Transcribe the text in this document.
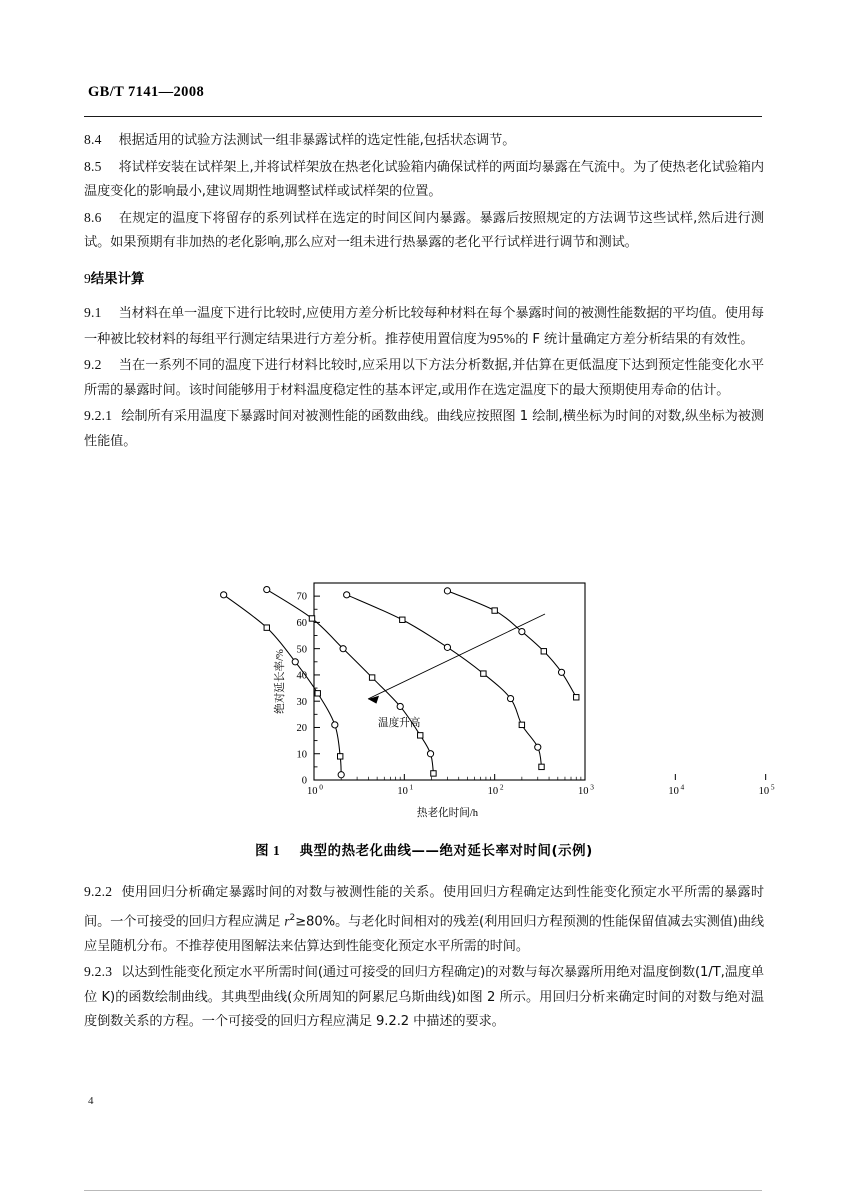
GB/T 7141—2008

8.4 根据适用的试验方法测试一组非暴露试样的选定性能,包括状态调节。

8.5 将试样安装在试样架上,并将试样架放在热老化试验箱内确保试样的两面均暴露在气流中。为了使热老化试验箱内温度变化的影响最小,建议周期性地调整试样或试样架的位置。

8.6 在规定的温度下将留存的系列试样在选定的时间区间内暴露。暴露后按照规定的方法调节这些试样,然后进行测试。如果预期有非加热的老化影响,那么应对一组未进行热暴露的老化平行试样进行调节和测试。

9结果计算

9.1 当材料在单一温度下进行比较时,应使用方差分析比较每种材料在每个暴露时间的被测性能数据的平均值。使用每一种被比较材料的每组平行测定结果进行方差分析。推荐使用置信度为95%的 F 统计量确定方差分析结果的有效性。

9.2 当在一系列不同的温度下进行材料比较时,应采用以下方法分析数据,并估算在更低温度下达到预定性能变化水平所需的暴露时间。该时间能够用于材料温度稳定性的基本评定,或用作在选定温度下的最大预期使用寿命的估计。

9.2.1 绘制所有采用温度下暴露时间对被测性能的函数曲线。曲线应按照图 1 绘制,横坐标为时间的对数,纵坐标为被测性能值。

0
10
20
30
40
50
60
70
10 0	10 1	10 2	10 3	10 4	10 5
温度升高
热老化时间/h
绝对延长率/%
图 1 典型的热老化曲线——绝对延长率对时间(示例)

9.2.2 使用回归分析确定暴露时间的对数与被测性能的关系。使用回归方程确定达到性能变化预定水平所需的暴露时间。一个可接受的回归方程应满足 $r^2\ge 80\%$。与老化时间相对的残差(利用回归方程预测的性能保留值减去实测值)曲线应呈随机分布。不推荐使用图解法来估算达到性能变化预定水平所需的时间。

9.2.3 以达到性能变化预定水平所需时间(通过可接受的回归方程确定)的对数与每次暴露所用绝对温度倒数(1/T,温度单位 K)的函数绘制曲线。其典型曲线(众所周知的阿累尼乌斯曲线)如图 2 所示。用回归分析来确定时间的对数与绝对温度倒数关系的方程。一个可接受的回归方程应满足 9.2.2 中描述的要求。

4
